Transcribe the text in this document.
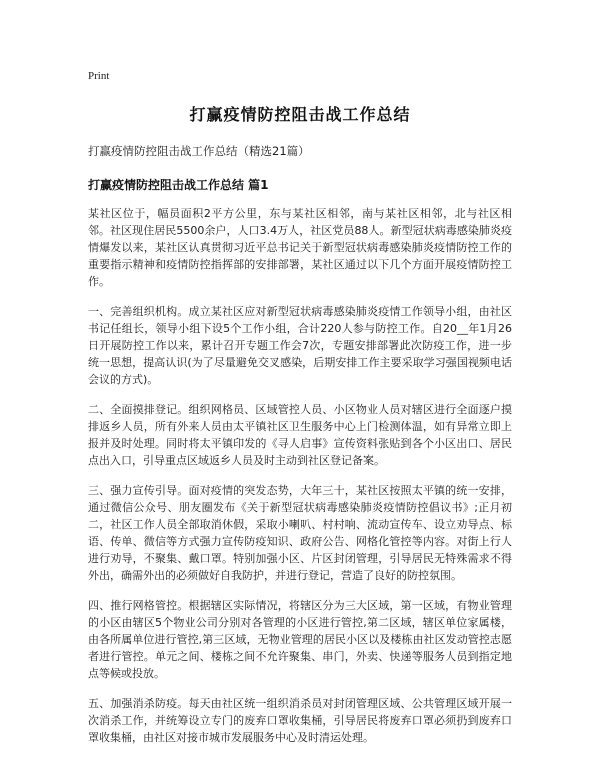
Print
打赢疫情防控阻击战工作总结
打赢疫情防控阻击战工作总结（精选21篇）
打赢疫情防控阻击战工作总结 篇1

某社区位于，幅员面积2平方公里，东与某社区相邻，南与某社区相邻，北与社区相邻。社区现住居民5500余户，人口3.4万人，社区党员88人。新型冠状病毒感染肺炎疫情爆发以来，某社区认真贯彻习近平总书记关于新型冠状病毒感染肺炎疫情防控工作的重要指示精神和疫情防控指挥部的安排部署，某社区通过以下几个方面开展疫情防控工作。

一、完善组织机构。成立某社区应对新型冠状病毒感染肺炎疫情工作领导小组，由社区书记任组长，领导小组下设5个工作小组，合计220人参与防控工作。自20__年1月26日开展防控工作以来，累计召开专题工作会7次，专题安排部署此次防疫工作，进一步统一思想，提高认识(为了尽量避免交叉感染，后期安排工作主要采取学习强国视频电话会议的方式)。

二、全面摸排登记。组织网格员、区域管控人员、小区物业人员对辖区进行全面逐户摸排返乡人员，所有外来人员由太平镇社区卫生服务中心上门检测体温，如有异常立即上报并及时处理。同时将太平镇印发的《寻人启事》宣传资料张贴到各个小区出口、居民点出入口，引导重点区域返乡人员及时主动到社区登记备案。

三、强力宣传引导。面对疫情的突发态势，大年三十，某社区按照太平镇的统一安排，通过微信公众号、朋友圈发布《关于新型冠状病毒感染肺炎疫情防控倡议书》;正月初二，社区工作人员全部取消休假，采取小喇叭、村村响、流动宣传车、设立劝导点、标语、传单、微信等方式强力宣传防疫知识、政府公告、网格化管控等内容。对街上行人进行劝导，不聚集、戴口罩。特别加强小区、片区封闭管理，引导居民无特殊需求不得外出，确需外出的必须做好自我防护，并进行登记，营造了良好的防控氛围。

四、推行网格管控。根据辖区实际情况，将辖区分为三大区域，第一区域，有物业管理的小区由辖区5个物业公司分别对各管理的小区进行管控,第二区域，辖区单位家属楼，由各所属单位进行管控,第三区域，无物业管理的居民小区以及楼栋由社区发动管控志愿者进行管控。单元之间、楼栋之间不允许聚集、串门，外卖、快递等服务人员到指定地点等候或投放。

五、加强消杀防疫。每天由社区统一组织消杀员对封闭管理区域、公共管理区域开展一次消杀工作，并统筹设立专门的废弃口罩收集桶，引导居民将废弃口罩必须扔到废弃口罩收集桶，由社区对接市城市发展服务中心及时清运处理。
